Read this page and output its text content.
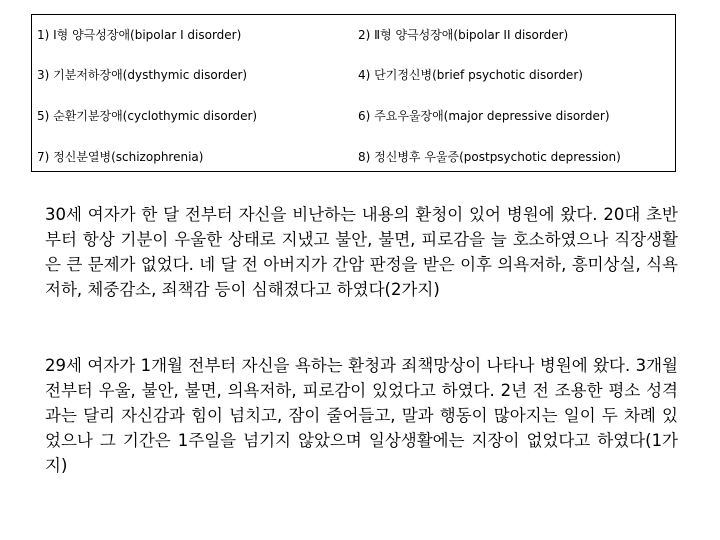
1) Ⅰ형 양극성장애(bipolar I disorder)	2) Ⅱ형 양극성장애(bipolar II disorder)
3) 기분저하장애(dysthymic disorder)	4) 단기정신병(brief psychotic disorder)
5) 순환기분장애(cyclothymic disorder)	6) 주요우울장애(major depressive disorder)
7) 정신분열병(schizophrenia)	8) 정신병후 우울증(postpsychotic depression)
30세 여자가 한 달 전부터 자신을 비난하는 내용의 환청이 있어 병원에 왔다. 20대 초반부터 항상 기분이 우울한 상태로 지냈고 불안, 불면, 피로감을 늘 호소하였으나 직장생활은 큰 문제가 없었다. 네 달 전 아버지가 간암 판정을 받은 이후 의욕저하, 흥미상실, 식욕저하, 체중감소, 죄책감 등이 심해졌다고 하였다(2가지)
29세 여자가 1개월 전부터 자신을 욕하는 환청과 죄책망상이 나타나 병원에 왔다. 3개월 전부터 우울, 불안, 불면, 의욕저하, 피로감이 있었다고 하였다. 2년 전 조용한 평소 성격과는 달리 자신감과 힘이 넘치고, 잠이 줄어들고, 말과 행동이 많아지는 일이 두 차례 있었으나 그 기간은 1주일을 넘기지 않았으며 일상생활에는 지장이 없었다고 하였다(1가지)
